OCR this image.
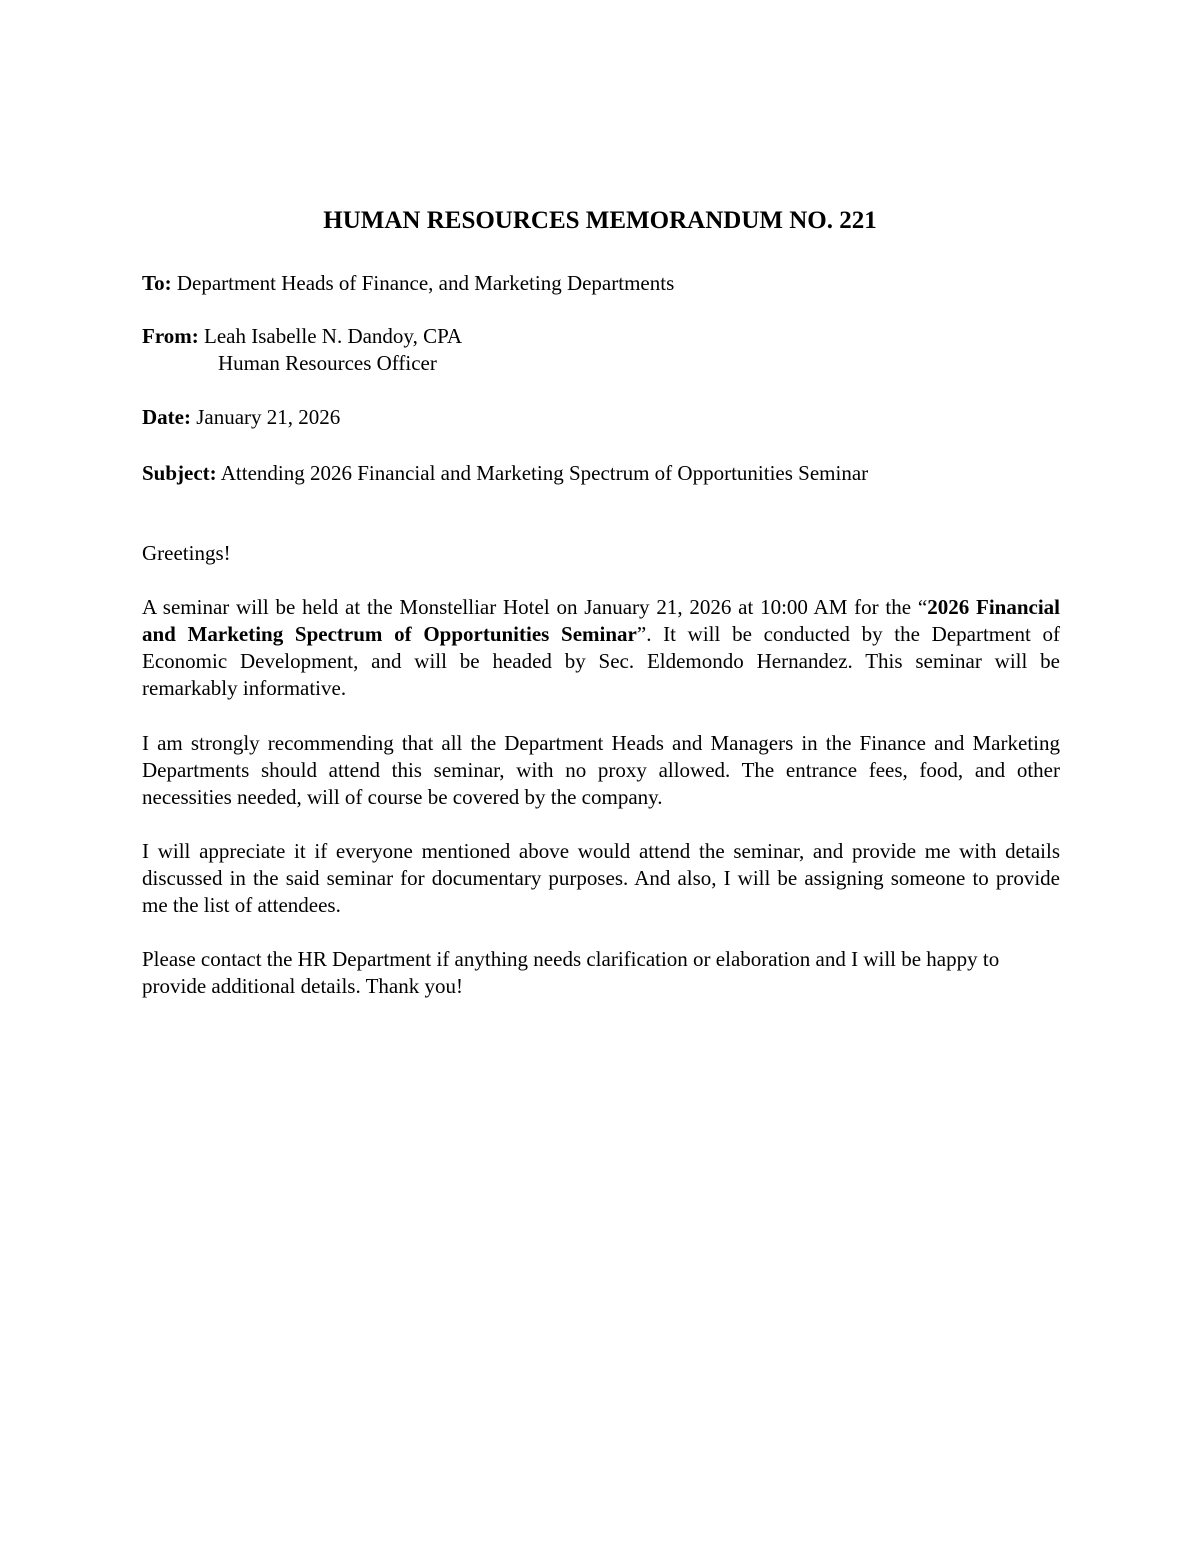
HUMAN RESOURCES MEMORANDUM NO. 221
To: Department Heads of Finance, and Marketing Departments
From: Leah Isabelle N. Dandoy, CPA
Human Resources Officer
Date: January 21, 2026
Subject: Attending 2026 Financial and Marketing Spectrum of Opportunities Seminar
Greetings!
A seminar will be held at the Monstelliar Hotel on January 21, 2026 at 10:00 AM for the “2026 Financial and Marketing Spectrum of Opportunities Seminar”. It will be conducted by the Department of Economic Development, and will be headed by Sec. Eldemondo Hernandez. This seminar will be remarkably informative.
I am strongly recommending that all the Department Heads and Managers in the Finance and Marketing Departments should attend this seminar, with no proxy allowed. The entrance fees, food, and other necessities needed, will of course be covered by the company.
I will appreciate it if everyone mentioned above would attend the seminar, and provide me with details discussed in the said seminar for documentary purposes. And also, I will be assigning someone to provide me the list of attendees.
Please contact the HR Department if anything needs clarification or elaboration and I will be happy to provide additional details. Thank you!
